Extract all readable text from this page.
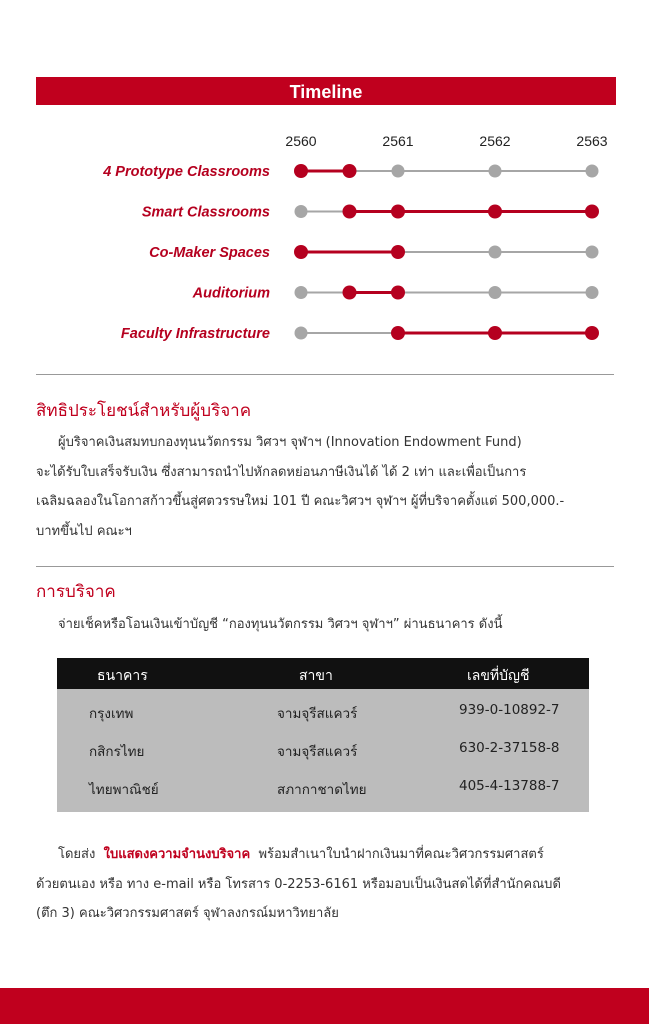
Timeline
2560	2561	2562	2563
4 Prototype Classrooms
Smart Classrooms
Co-Maker Spaces
Auditorium
Faculty Infrastructure
สิทธิประโยชน์สำหรับผู้บริจาค
ผู้บริจาคเงินสมทบกองทุนนวัตกรรม วิศวฯ จุฬาฯ (Innovation Endowment Fund)
จะได้รับใบเสร็จรับเงิน ซึ่งสามารถนำไปหักลดหย่อนภาษีเงินได้ ได้ 2 เท่า และเพื่อเป็นการ
เฉลิมฉลองในโอกาสก้าวขึ้นสู่ศตวรรษใหม่ 101 ปี คณะวิศวฯ จุฬาฯ ผู้ที่บริจาคตั้งแต่ 500,000.-
บาทขึ้นไป คณะฯ
การบริจาค
จ่ายเช็คหรือโอนเงินเข้าบัญชี “กองทุนนวัตกรรม วิศวฯ จุฬาฯ” ผ่านธนาคาร ดังนี้
ธนาคาร	สาขา	เลขที่บัญชี
กรุงเทพ	จามจุรีสแควร์	939-0-10892-7
กสิกรไทย	จามจุรีสแควร์	630-2-37158-8
ไทยพาณิชย์	สภากาชาดไทย	405-4-13788-7
โดยส่ง ใบแสดงความจำนงบริจาค พร้อมสำเนาใบนำฝากเงินมาที่คณะวิศวกรรมศาสตร์
ด้วยตนเอง หรือ ทาง e-mail หรือ โทรสาร 0-2253-6161 หรือมอบเป็นเงินสดได้ที่สำนักคณบดี
(ตึก 3) คณะวิศวกรรมศาสตร์ จุฬาลงกรณ์มหาวิทยาลัย
